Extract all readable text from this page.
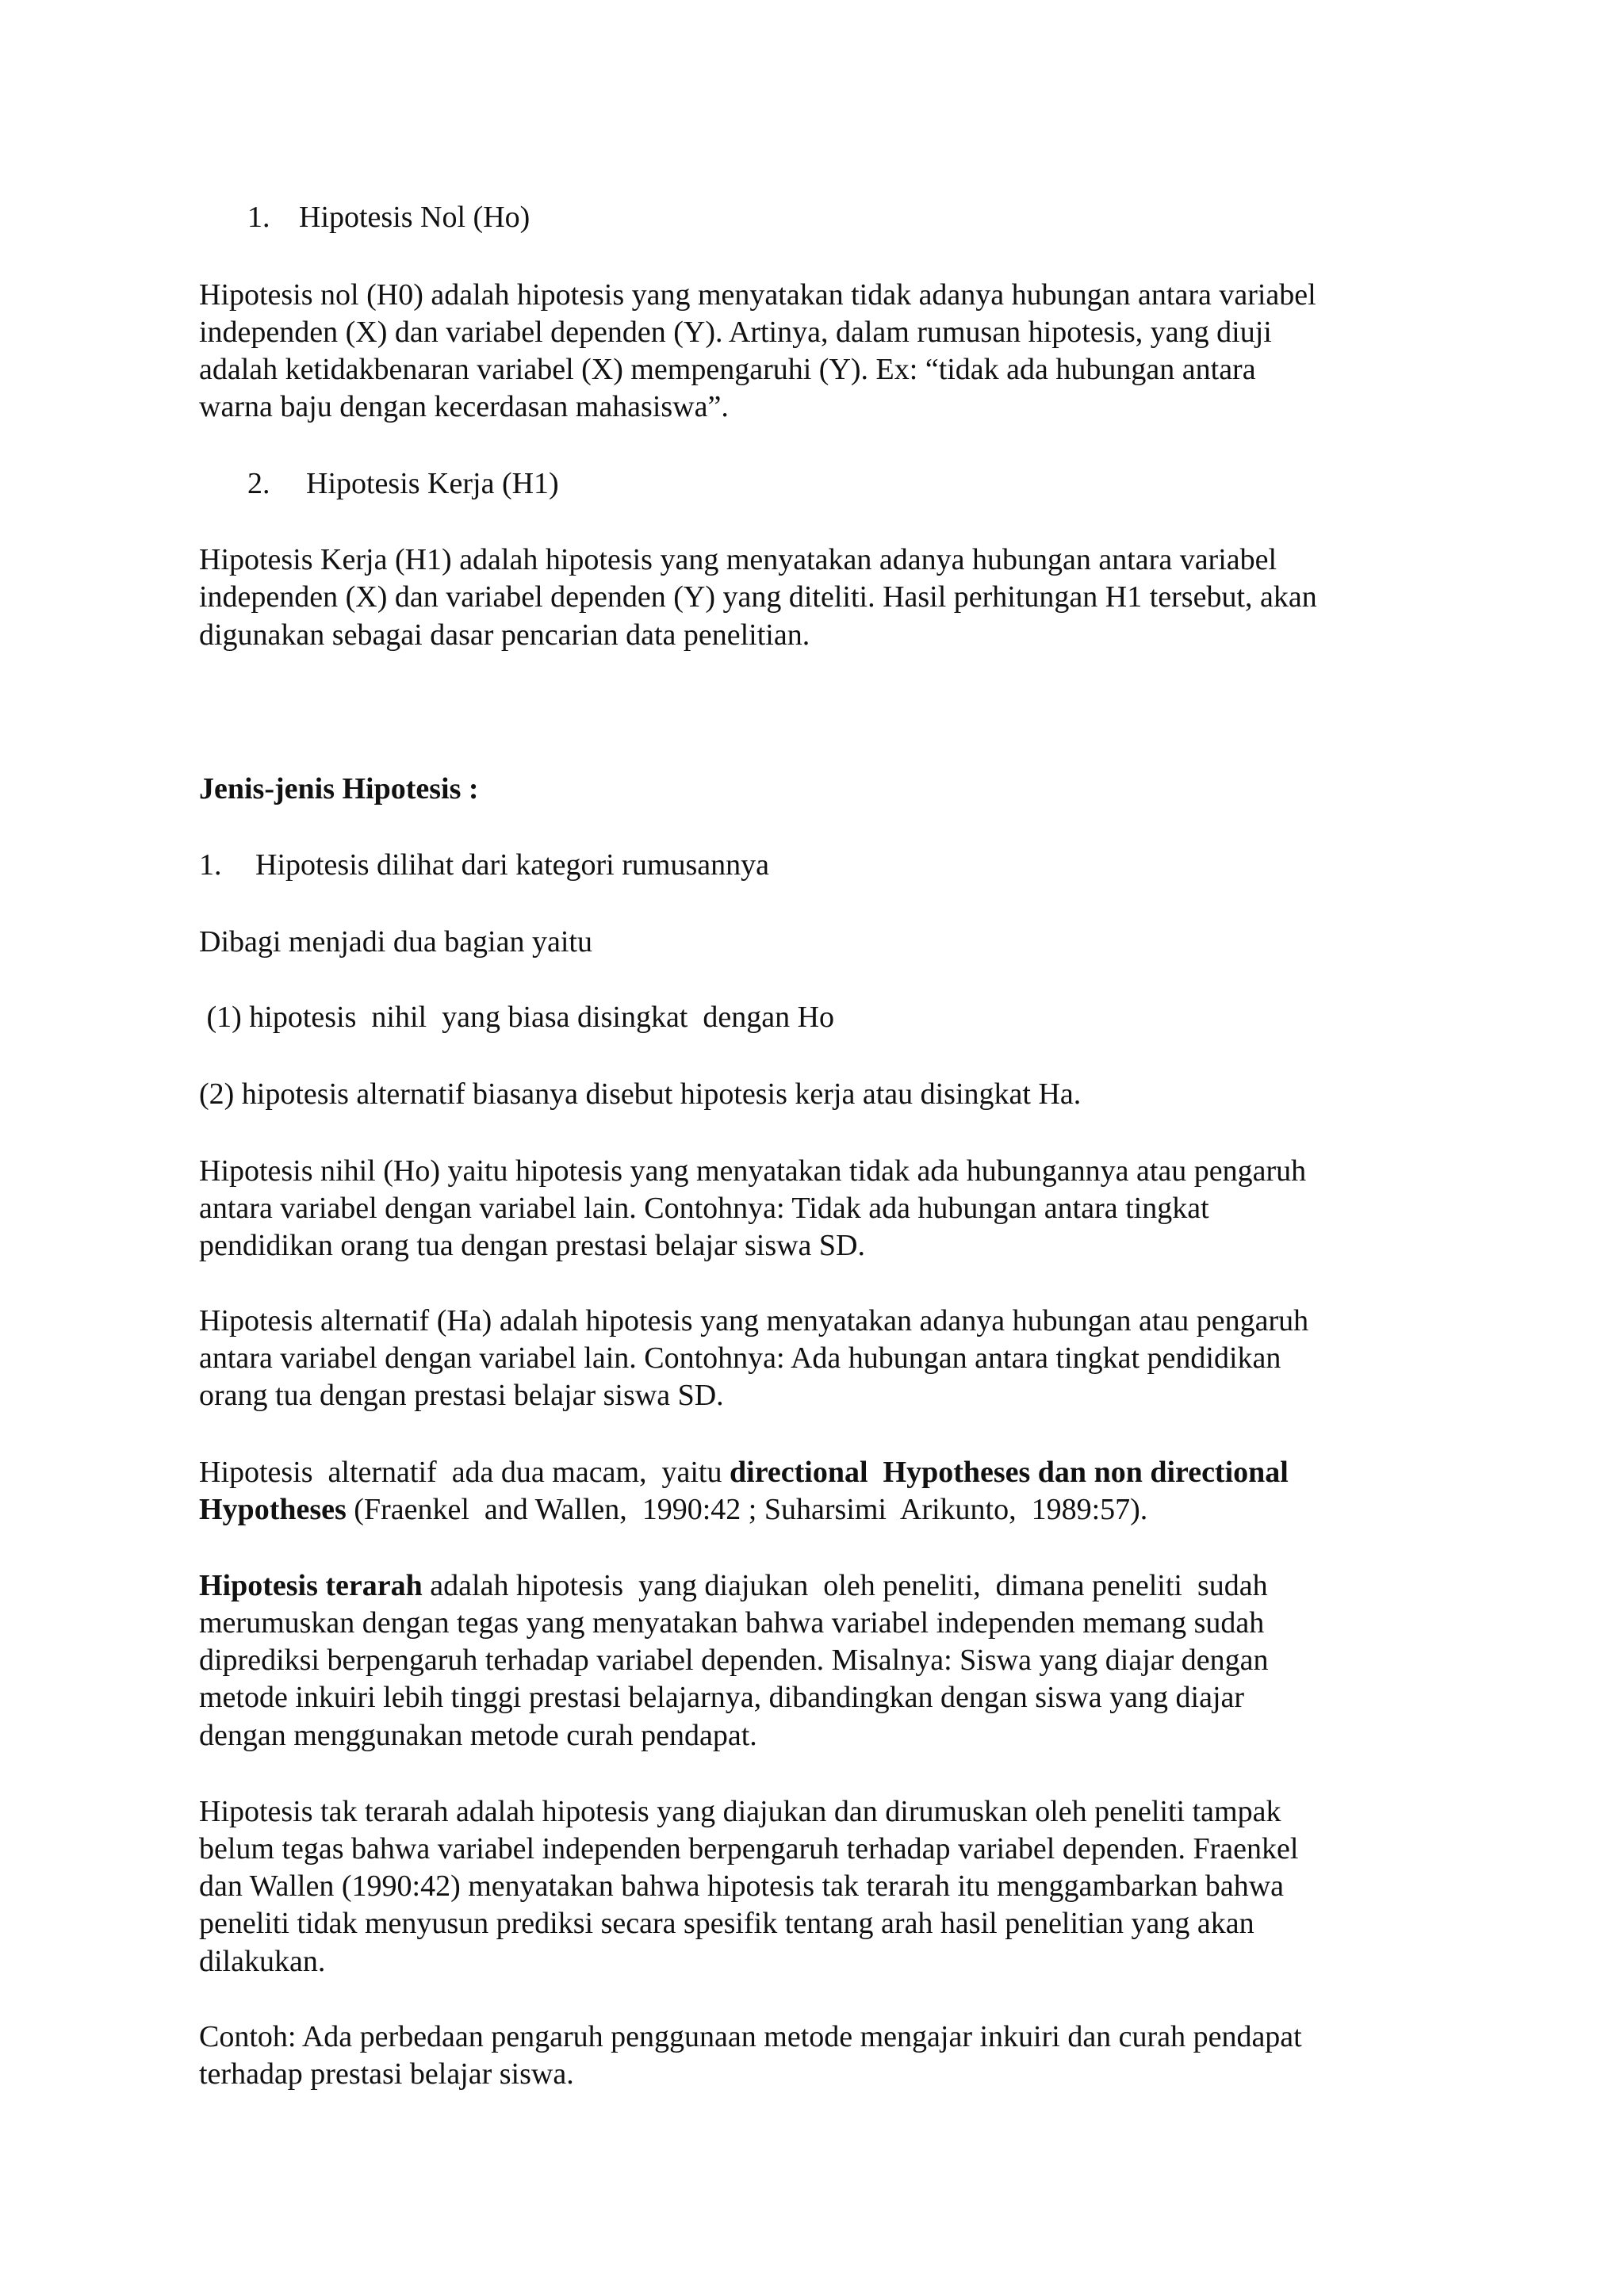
1. Hipotesis Nol (Ho)

Hipotesis nol (H0) adalah hipotesis yang menyatakan tidak adanya hubungan antara variabel

independen (X) dan variabel dependen (Y). Artinya, dalam rumusan hipotesis, yang diuji

adalah ketidakbenaran variabel (X) mempengaruhi (Y). Ex: “tidak ada hubungan antara

warna baju dengan kecerdasan mahasiswa”.

2. Hipotesis Kerja (H1)

Hipotesis Kerja (H1) adalah hipotesis yang menyatakan adanya hubungan antara variabel

independen (X) dan variabel dependen (Y) yang diteliti. Hasil perhitungan H1 tersebut, akan

digunakan sebagai dasar pencarian data penelitian.

Jenis-jenis Hipotesis :

1. Hipotesis dilihat dari kategori rumusannya

Dibagi menjadi dua bagian yaitu

(1) hipotesis  nihil  yang biasa disingkat  dengan Ho

(2) hipotesis alternatif biasanya disebut hipotesis kerja atau disingkat Ha.

Hipotesis nihil (Ho) yaitu hipotesis yang menyatakan tidak ada hubungannya atau pengaruh

antara variabel dengan variabel lain. Contohnya: Tidak ada hubungan antara tingkat

pendidikan orang tua dengan prestasi belajar siswa SD.

Hipotesis alternatif (Ha) adalah hipotesis yang menyatakan adanya hubungan atau pengaruh

antara variabel dengan variabel lain. Contohnya: Ada hubungan antara tingkat pendidikan

orang tua dengan prestasi belajar siswa SD.

Hipotesis  alternatif  ada dua macam,  yaitu directional  Hypotheses dan non directional

Hypotheses (Fraenkel  and Wallen,  1990:42 ; Suharsimi  Arikunto,  1989:57).

Hipotesis terarah adalah hipotesis  yang diajukan  oleh peneliti,  dimana peneliti  sudah

merumuskan dengan tegas yang menyatakan bahwa variabel independen memang sudah

diprediksi berpengaruh terhadap variabel dependen. Misalnya: Siswa yang diajar dengan

metode inkuiri lebih tinggi prestasi belajarnya, dibandingkan dengan siswa yang diajar

dengan menggunakan metode curah pendapat.

Hipotesis tak terarah adalah hipotesis yang diajukan dan dirumuskan oleh peneliti tampak

belum tegas bahwa variabel independen berpengaruh terhadap variabel dependen. Fraenkel

dan Wallen (1990:42) menyatakan bahwa hipotesis tak terarah itu menggambarkan bahwa

peneliti tidak menyusun prediksi secara spesifik tentang arah hasil penelitian yang akan

dilakukan.

Contoh: Ada perbedaan pengaruh penggunaan metode mengajar inkuiri dan curah pendapat

terhadap prestasi belajar siswa.
